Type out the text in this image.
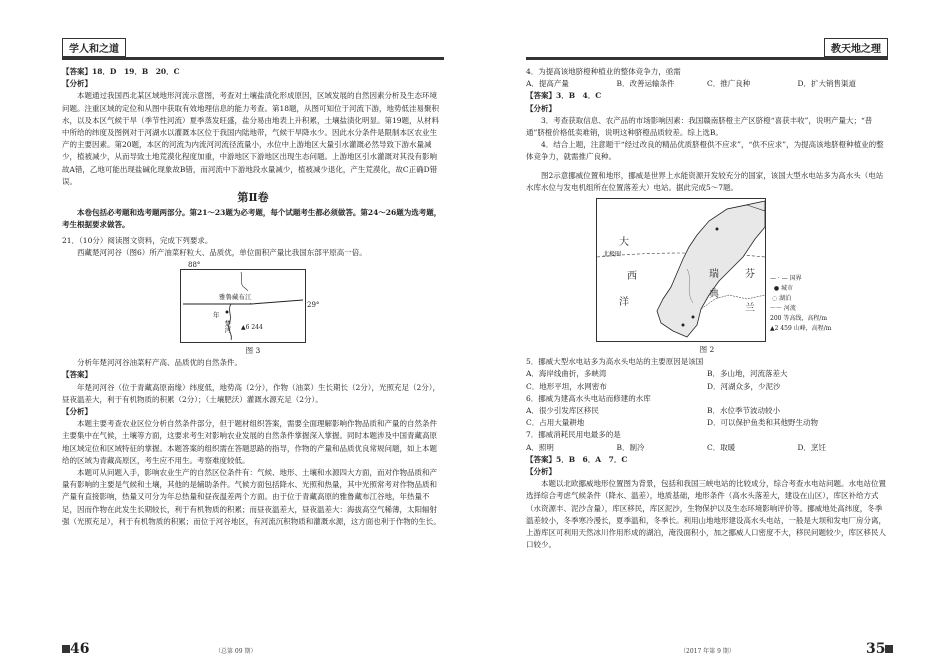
学人和之道

【答案】18．D　19．B　20．C

【分析】

本题通过我国西北某区域地形河流示意图，考查对土壤盐渍化形成原因，区域发展的自然因素分析及生态环境问题。注重区域的定位和从图中获取有效地理信息的能力考查。第18题，从图可知位于河流下游，地势低洼易聚积水，以及本区气候干旱（季节性河流）夏季蒸发旺盛，盐分易由地表上升积累，土壤盐渍化明显。第19题，从材料中所给的纬度及图例对于河湖水以灌溉本区位于我国内陆地带，气候干旱降水少。因此水分条件是限制本区农业生产的主要因素。第20题，本区的河流为内流河河流径流量小，水位中上游地区大量引水灌溉必然导致下游水量减少，植被减少，从而导致土地荒漠化程度加重，中游地区下游地区出现生态问题。上游地区引水灌溉对其没有影响故A错，乙地可能出现盐碱化现象故B错，而河流中下游地段水量减少，植被减少退化，产生荒漠化，故C正确D错误。

第Ⅱ卷

本卷包括必考题和选考题两部分。第21～23题为必考题，每个试题考生都必须做答。第24～26题为选考题，考生根据要求做答。

21．（10分）阅读图文资料，完成下列要求。

西藏楚河河谷（图6）所产油菜籽粒大、品质优，单位面积产量比我国东部平原高一倍。

88°
雅鲁藏布江
年
楚河	▲6 244
29°

图 3

分析年楚河河谷油菜籽产高、品质优的自然条件。

【答案】

年楚河河谷（位于青藏高原南缘）纬度低，地势高（2分），作物（油菜）生长期长（2分），光照充足（2分），昼夜温差大，利于有机物质的积累（2分）；（土壤肥沃）灌溉水源充足（2分）。

【分析】

本题主要考查农业区位分析自然条件部分，但于题材组织答案，需要全面理解影响作物品质和产量的自然条件主要集中在气候，土壤等方面，这要求考生对影响农业发展的自然条件掌握深入掌握。同时本题涉及中国青藏高原地区域定位和区域特征的掌握。本题答案的组织需在答题思路的指导，作物的产量和品质优良常规问题，如上本题给的区域为青藏高原区，考生应不用生。考察难度较低。

本题可从问题入手，影响农业生产的自然区位条件有：气候、地形、土壤和水源四大方面，而对作物品质和产量有影响的主要是气候和土壤，其他的是辅助条件。气候方面包括降水、光照和热量，其中光照常考对作物品质和产量有直接影响，热量又可分为年总热量和昼夜温差两个方面。由于位于青藏高原的雅鲁藏布江谷地，年热量不足，因而作物在此发生长期较长，利于有机物质的积累；而昼夜温差大，昼夜温差大：海拔高空气稀薄，太阳辐射强（光照充足），利于有机物质的积累；而位于河谷地区，有河流沉积物质和灌溉水源，这方面也利于作物的生长。

46	（总第 09 期）
教天地之理

4．为提高该地脐橙种植业的整体竞争力，亟需

A．提高产量	B．改善运输条件	C．推广良种	D．扩大销售渠道

【答案】3．B　4．C

【分析】

3．考查获取信息、农产品的市场影响因素：我国赣南脐橙主产区脐橙“喜获丰收”，说明产量大；“普通”脐橙价格低卖难销，说明这种脐橙品质较差。综上选B。

4．结合上题，注意题干“经过改良的精品优质脐橙供不应求”，“供不应求”，为提高该地脐橙种植业的整体竞争力，就需推广良种。

图2示意挪威位置和地形，挪威是世界上水能资源开发较充分的国家，该国大型水电站多为高水头（电站水库水位与发电机组所在位置落差大）电站。据此完成5～7题。

北极圈
大
西
洋
瑞
典
芬
兰
— · — 国界
● 城市
◌ 湖泊
～～ 河流
200 等高线，高程/m
▲2 459 山峰，高程/m

图 2

5．挪威大型水电站多为高水头电站的主要原因是该国

A．海岸线曲折，多峡湾	B．多山地，河流落差大
C．地形平坦，水网密布	D．河湖众多，少泥沙

6．挪威为建高水头电站而修建的水库

A．很少引发库区移民	B．水位季节波动较小
C．占用大量耕地	D．可以保护鱼类和其他野生动物

7．挪威消耗民用电最多的是

A．照明	B．制冷	C．取暖	D．烹饪

【答案】5．B　6．A　7．C

【分析】

本题以北欧挪威地形位置图为背景，包括和我国三峡电站的比较成分，综合考查水电站问题。水电站位置选择综合考虑气候条件（降水、温差），地质基础，地形条件（高水头落差大，建设在山区），库区补给方式（水资源丰、泥沙含量），库区移民，库区泥沙，生物保护以及生态环境影响评价等。挪威地处高纬度，冬季温差较小，冬季寒冷漫长，夏季温和，冬季长。利用山地地形建设高水头电站，一般是大坝和发电厂房分离，上游库区可利用天然冰川作用形成的湖泊，淹没面积小，加之挪威人口密度不大，移民问题较少，库区移民人口较少。

（2017 年第 9 期）	35
